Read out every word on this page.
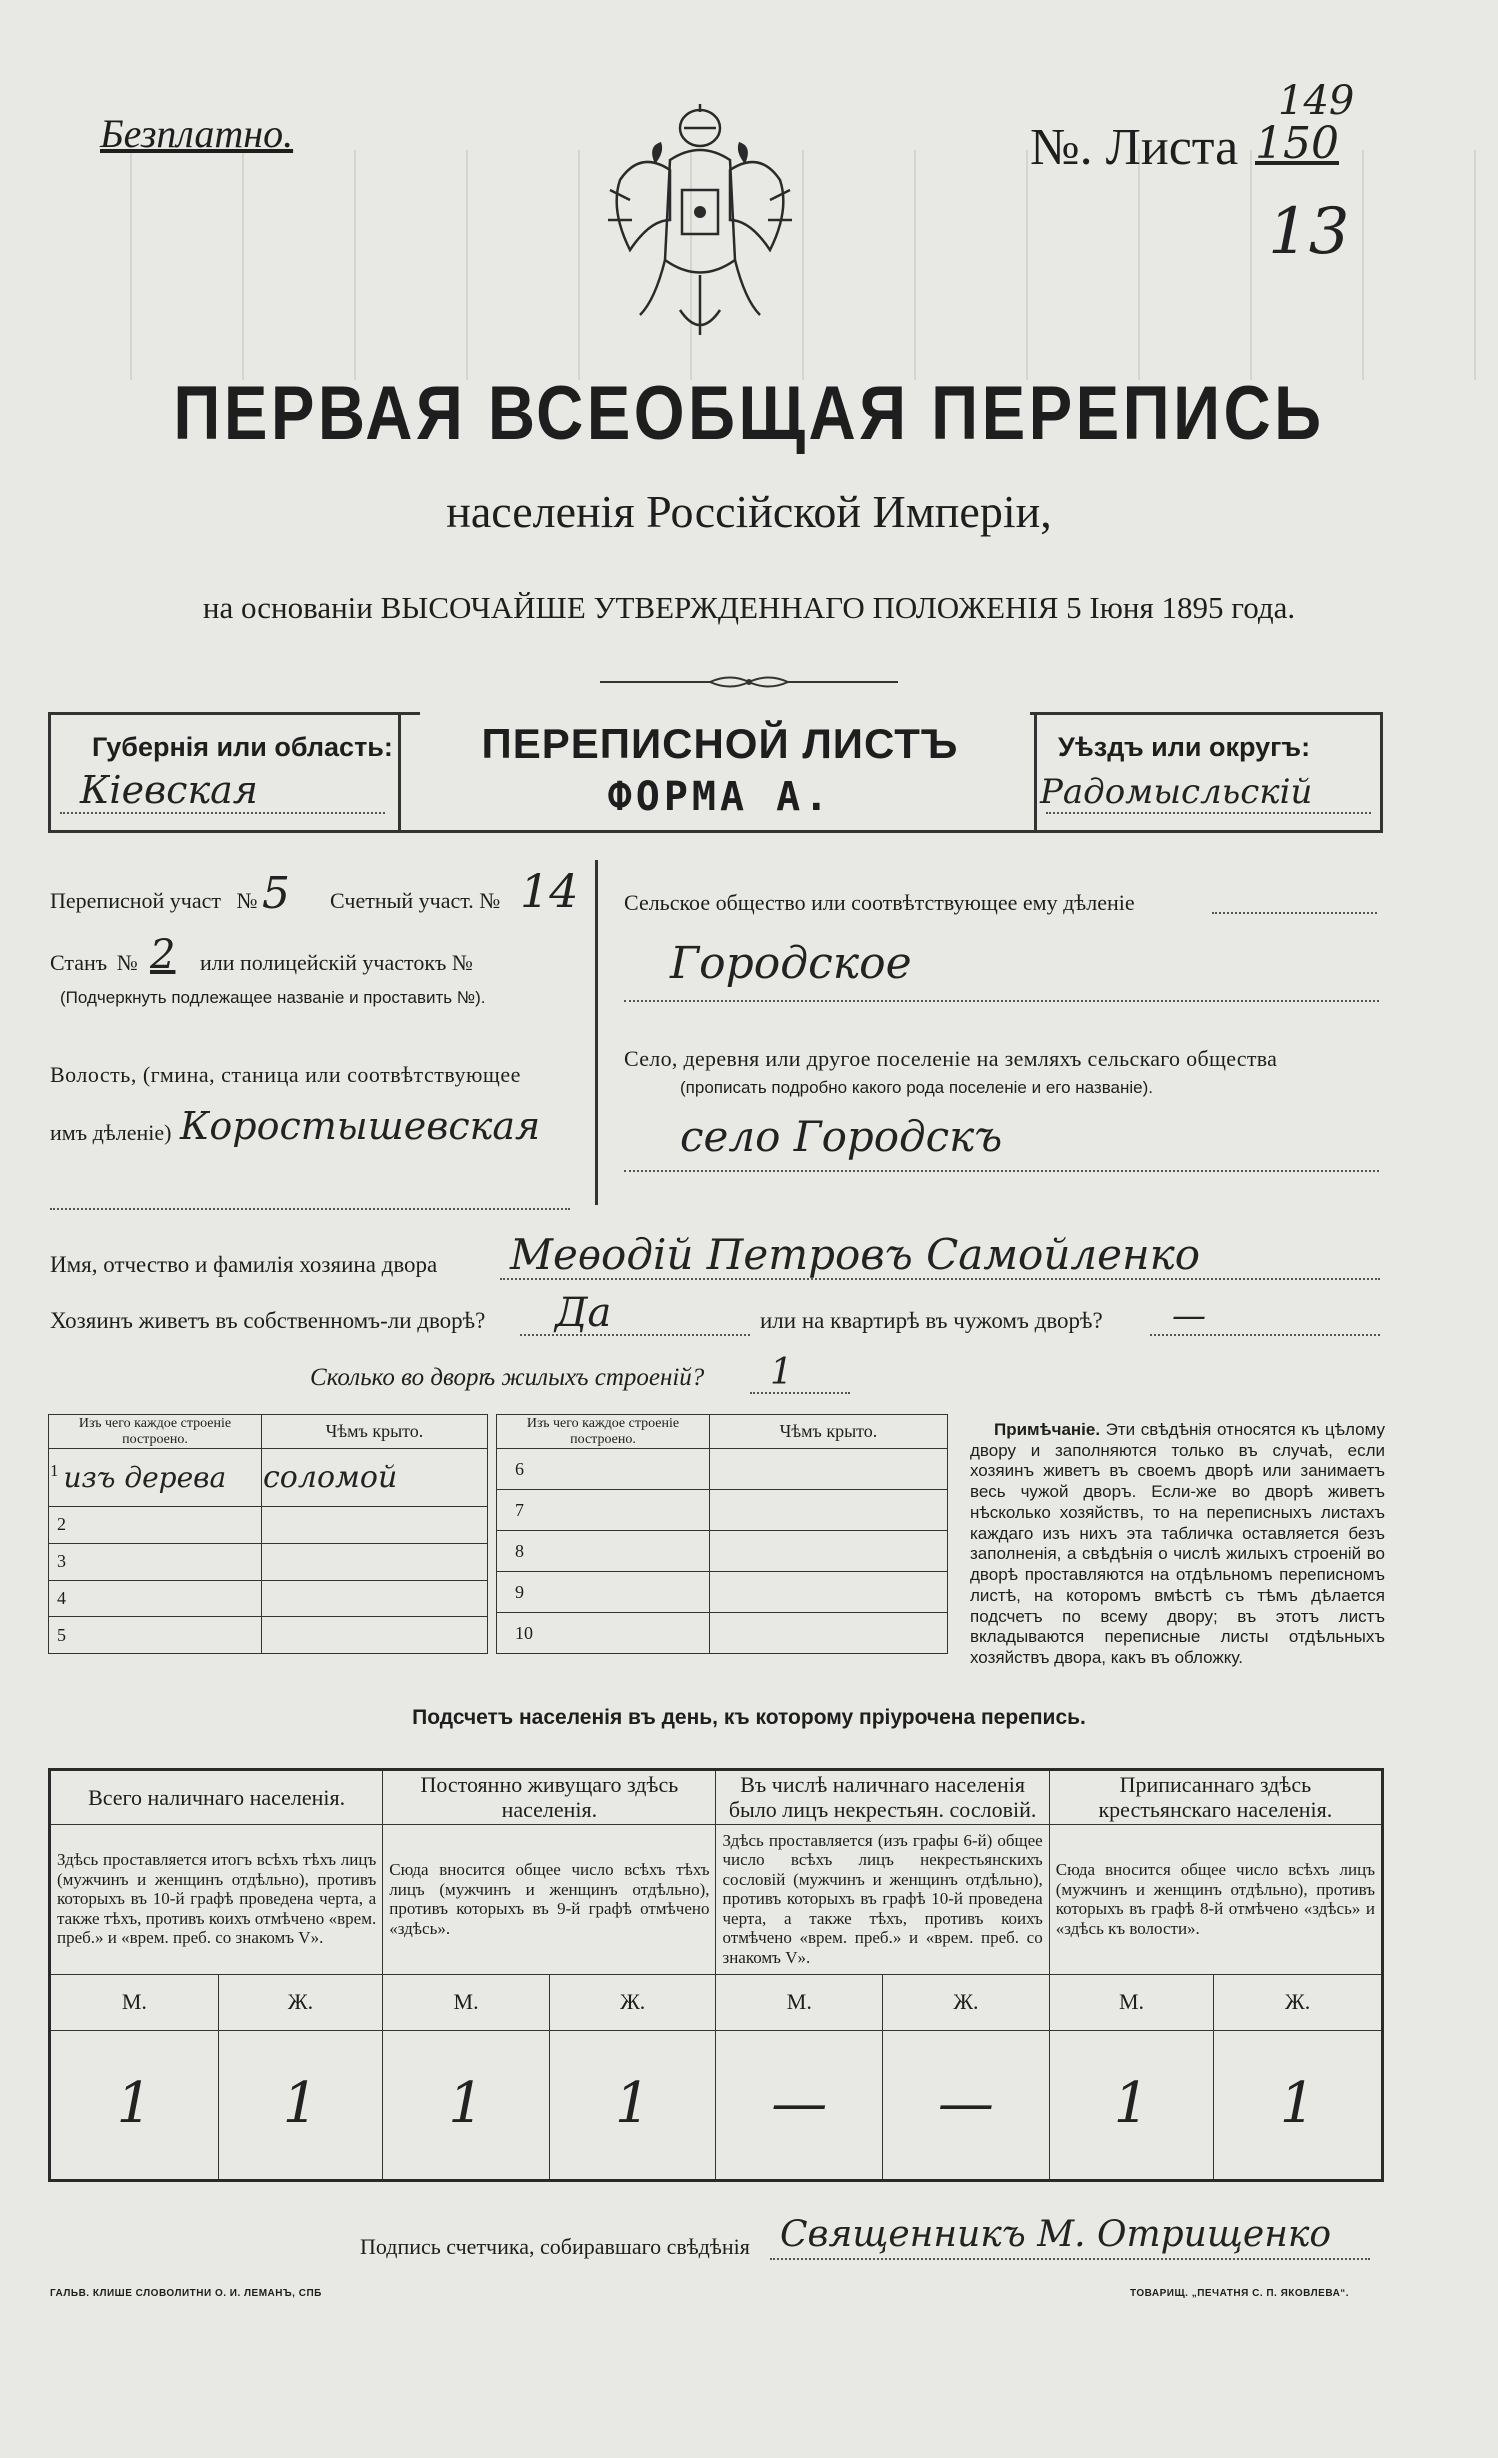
Безплатно.	№. Листа 150
149
13
ПЕРВАЯ ВСЕОБЩАЯ ПЕРЕПИСЬ
населенія Россійской Имперіи,
на основаніи ВЫСОЧАЙШЕ УТВЕРЖДЕННАГО ПОЛОЖЕНІЯ 5 Іюня 1895 года.
Губернія или область:
Кіевская
ПЕРЕПИСНОЙ ЛИСТЪ
ФОРМА А.
Уѣздъ или округъ:
Радомысльскій
Переписной участ № 5 Счетный участ. № 14
Станъ № 2 или полицейскій участокъ №
(Подчеркнуть подлежащее названіе и проставить №).
Волость, (гмина, станица или соотвѣтствующее
имъ дѣленіе) Коростышевская
Сельское общество или соотвѣтствующее ему дѣленіе
Городское
Село, деревня или другое поселеніе на земляхъ сельскаго общества
(прописать подробно какого рода поселеніе и его названіе).
село Городскъ
Имя, отчество и фамилія хозяина двора Меѳодій Петровъ Самойленко
Хозяинъ живетъ въ собственномъ-ли дворѣ? Да	или на квартирѣ въ чужомъ дворѣ? —
Сколько во дворѣ жилыхъ строеній? 1
Изъ чего каждое строеніе построено.	Чѣмъ крыто.
$^1$ изъ дерева	соломой
2	
3	
4	
5	
Изъ чего каждое строеніе построено.	Чѣмъ крыто.
6	
7	
8	
9	
10	
Примѣчаніе. Эти свѣдѣнія относятся къ цѣлому двору и заполняются только въ случаѣ, если хозяинъ живетъ въ своемъ дворѣ или занимаетъ весь чужой дворъ. Если-же во дворѣ живетъ нѣсколько хозяйствъ, то на переписныхъ листахъ каждаго изъ нихъ эта табличка оставляется безъ заполненія, а свѣдѣнія о числѣ жилыхъ строеній во дворѣ проставляются на отдѣльномъ переписномъ листѣ, на которомъ вмѣстѣ съ тѣмъ дѣлается подсчетъ по всему двору; въ этотъ листъ вкладываются переписные листы отдѣльныхъ хозяйствъ двора, какъ въ обложку.
Подсчетъ населенія въ день, къ которому пріурочена перепись.
Всего наличнаго населенія.		Постоянно живущаго здѣсь населенія.		Въ числѣ наличнаго населенія было лицъ некрестьян. сословій.		Приписаннаго здѣсь крестьянскаго населенія.	
Здѣсь проставляется итогъ всѣхъ тѣхъ лицъ (мужчинъ и женщинъ отдѣльно), противъ которыхъ въ 10-й графѣ проведена черта, а также тѣхъ, противъ коихъ отмѣчено «врем. преб.» и «врем. преб. со знакомъ V».		Сюда вносится общее число всѣхъ тѣхъ лицъ (мужчинъ и женщинъ отдѣльно), противъ которыхъ въ 9-й графѣ отмѣчено «здѣсь».		Здѣсь проставляется (изъ графы 6-й) общее число всѣхъ лицъ некрестьянскихъ сословій (мужчинъ и женщинъ отдѣльно), противъ которыхъ въ графѣ 10-й проведена черта, а также тѣхъ, противъ коихъ отмѣчено «врем. преб.» и «врем. преб. со знакомъ V».		Сюда вносится общее число всѣхъ лицъ (мужчинъ и женщинъ отдѣльно), противъ которыхъ въ графѣ 8-й отмѣчено «здѣсь» и «здѣсь къ волости».	
М.	Ж.	М.	Ж.	М.	Ж.	М.	Ж.
1	1	1	1	—	—	1	1
Подпись счетчика, собиравшаго свѣдѣнія Священникъ М. Отрищенко
ГАЛЬВ. КЛИШЕ СЛОВОЛИТНИ О. И. ЛЕМАНЪ, СПБ	ТОВАРИЩ. „ПЕЧАТНЯ С. П. ЯКОВЛЕВА“.
